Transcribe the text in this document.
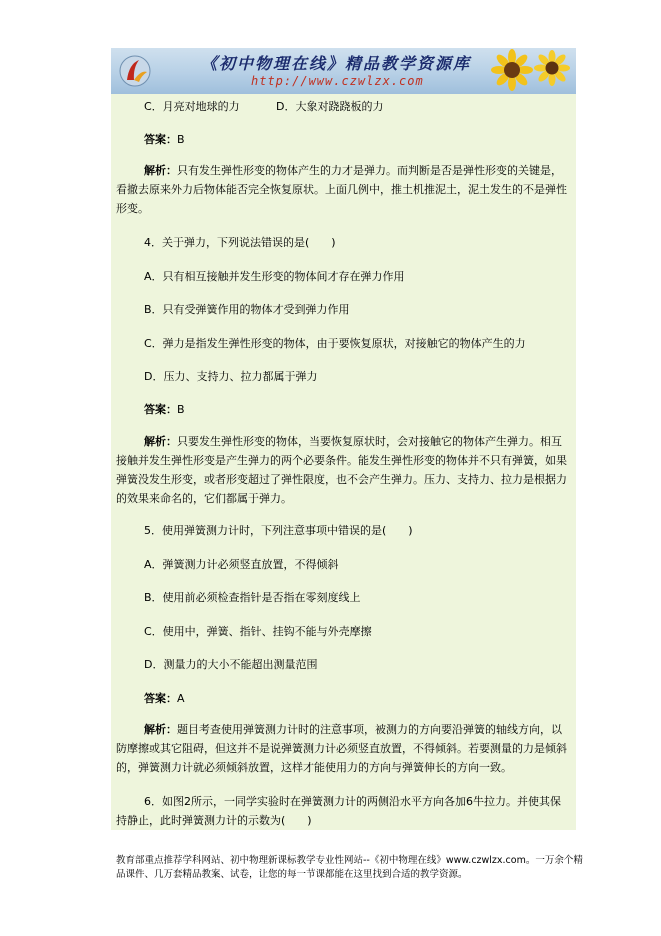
《初中物理在线》精品教学资源库
http://www.czwlzx.com
C．月亮对地球的力	D．大象对跷跷板的力
答案：B
解析：只有发生弹性形变的物体产生的力才是弹力。而判断是否是弹性形变的关键是，看撤去原来外力后物体能否完全恢复原状。上面几例中，推土机推泥土，泥土发生的不是弹性形变。
4．关于弹力，下列说法错误的是(　　)
A．只有相互接触并发生形变的物体间才存在弹力作用
B．只有受弹簧作用的物体才受到弹力作用
C．弹力是指发生弹性形变的物体，由于要恢复原状，对接触它的物体产生的力
D．压力、支持力、拉力都属于弹力
答案：B
解析：只要发生弹性形变的物体，当要恢复原状时，会对接触它的物体产生弹力。相互接触并发生弹性形变是产生弹力的两个必要条件。能发生弹性形变的物体并不只有弹簧，如果弹簧没发生形变，或者形变超过了弹性限度，也不会产生弹力。压力、支持力、拉力是根据力的效果来命名的，它们都属于弹力。
5．使用弹簧测力计时，下列注意事项中错误的是(　　)
A．弹簧测力计必须竖直放置，不得倾斜
B．使用前必须检查指针是否指在零刻度线上
C．使用中，弹簧、指针、挂钩不能与外壳摩擦
D．测量力的大小不能超出测量范围
答案：A
解析：题目考查使用弹簧测力计时的注意事项，被测力的方向要沿弹簧的轴线方向，以防摩擦或其它阻碍，但这并不是说弹簧测力计必须竖直放置，不得倾斜。若要测量的力是倾斜的，弹簧测力计就必须倾斜放置，这样才能使用力的方向与弹簧伸长的方向一致。
6．如图2所示，一同学实验时在弹簧测力计的两侧沿水平方向各加6牛拉力。并使其保持静止，此时弹簧测力计的示数为(　　)
教育部重点推荐学科网站、初中物理新课标教学专业性网站--《初中物理在线》www.czwlzx.com。一万余个精品课件、几万套精品教案、试卷，让您的每一节课都能在这里找到合适的教学资源。
